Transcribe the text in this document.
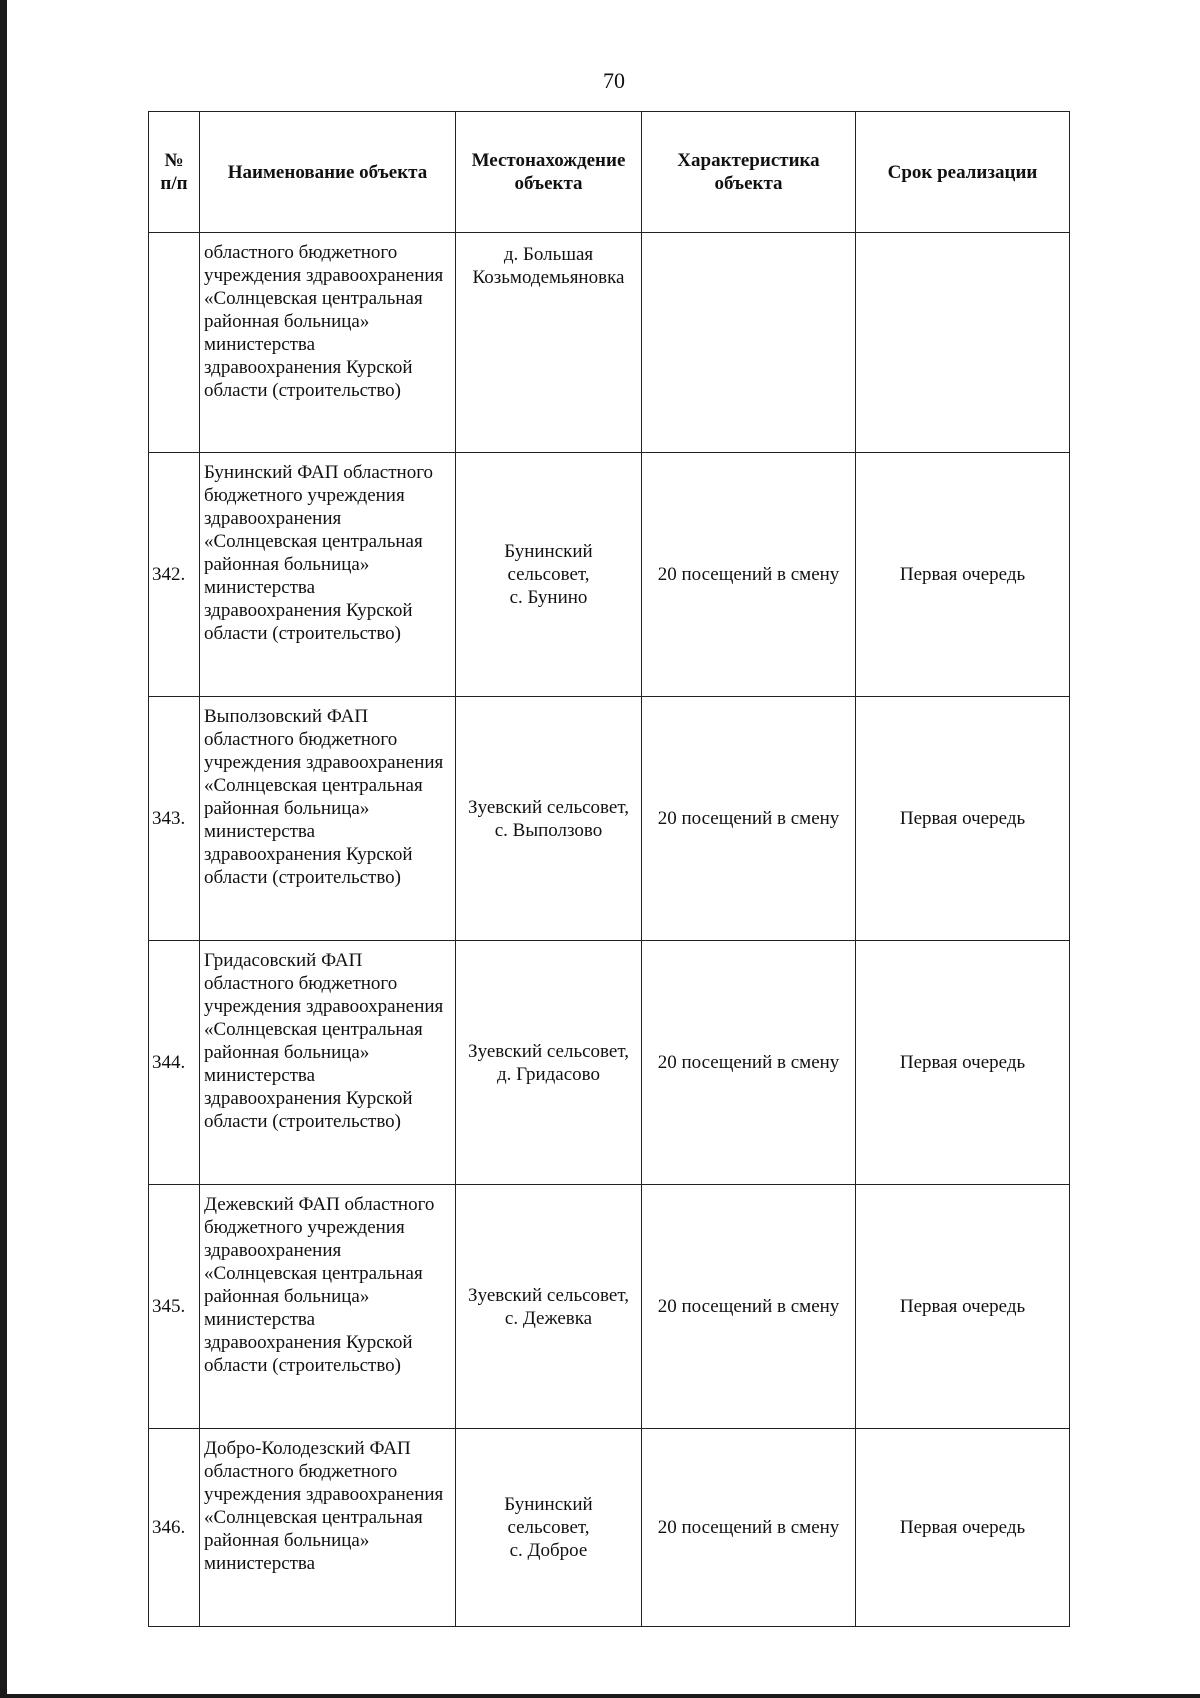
70
№ п/п	Наименование объекта	Местонахождение объекта	Характеристика объекта	Срок реализации
	областного бюджетного учреждения здравоохранения «Солнцевская центральная районная больница» министерства здравоохранения Курской области (строительство)	д. Большая
Козьмодемьяновка		

342.	Бунинский ФАП областного бюджетного учреждения здравоохранения «Солнцевская центральная районная больница» министерства здравоохранения Курской области (строительство)	Бунинский
сельсовет,
с. Бунино	20 посещений в смену	Первая очередь
343.	Выползовский ФАП областного бюджетного учреждения здравоохранения «Солнцевская центральная районная больница» министерства здравоохранения Курской области (строительство)	Зуевский сельсовет,
с. Выползово	20 посещений в смену	Первая очередь
344.	Гридасовский ФАП областного бюджетного учреждения здравоохранения «Солнцевская центральная районная больница» министерства здравоохранения Курской области (строительство)	Зуевский сельсовет,
д. Гридасово	20 посещений в смену	Первая очередь
345.	Дежевский ФАП областного бюджетного учреждения здравоохранения «Солнцевская центральная районная больница» министерства здравоохранения Курской области (строительство)	Зуевский сельсовет,
с. Дежевка	20 посещений в смену	Первая очередь
346.	Добро-Колодезский ФАП областного бюджетного учреждения здравоохранения «Солнцевская центральная районная больница» министерства	Бунинский
сельсовет,
с. Доброе	20 посещений в смену	Первая очередь
